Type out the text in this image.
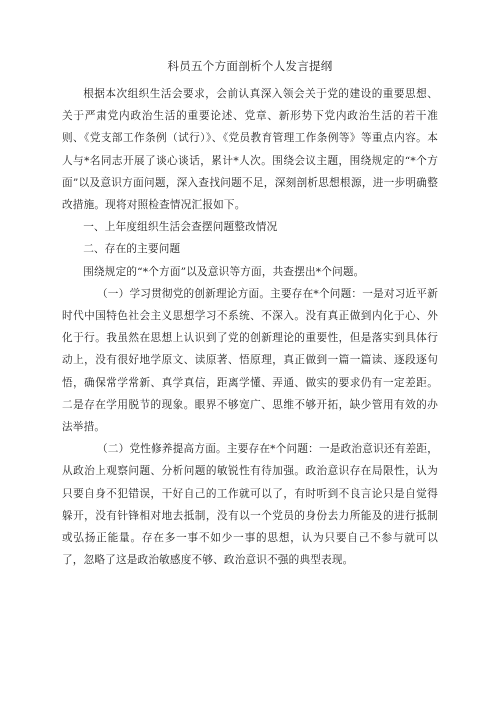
科员五个方面剖析个人发言提纲

根据本次组织生活会要求，会前认真深入领会关于党的建设的重要思想、关于严肃党内政治生活的重要论述、党章、新形势下党内政治生活的若干准则、《党支部工作条例（试行）》、《党员教育管理工作条例等》等重点内容。本人与*名同志开展了谈心谈话，累计*人次。围绕会议主题，围绕规定的“*个方面”以及意识方面问题，深入查找问题不足，深刻剖析思想根源，进一步明确整改措施。现将对照检查情况汇报如下。

一、上年度组织生活会查摆问题整改情况

二、存在的主要问题

围绕规定的“*个方面”以及意识等方面，共查摆出*个问题。

（一）学习贯彻党的创新理论方面。主要存在*个问题：一是对习近平新时代中国特色社会主义思想学习不系统、不深入。没有真正做到内化于心、外化于行。我虽然在思想上认识到了党的创新理论的重要性，但是落实到具体行动上，没有很好地学原文、读原著、悟原理，真正做到一篇一篇读、逐段逐句悟，确保常学常新、真学真信，距离学懂、弄通、做实的要求仍有一定差距。二是存在学用脱节的现象。眼界不够宽广、思维不够开拓，缺少管用有效的办法举措。

（二）党性修养提高方面。主要存在*个问题：一是政治意识还有差距，从政治上观察问题、分析问题的敏锐性有待加强。政治意识存在局限性，认为只要自身不犯错误，干好自己的工作就可以了，有时听到不良言论只是自觉得躲开，没有针锋相对地去抵制，没有以一个党员的身份去力所能及的进行抵制或弘扬正能量。存在多一事不如少一事的思想，认为只要自己不参与就可以了，忽略了这是政治敏感度不够、政治意识不强的典型表现。
